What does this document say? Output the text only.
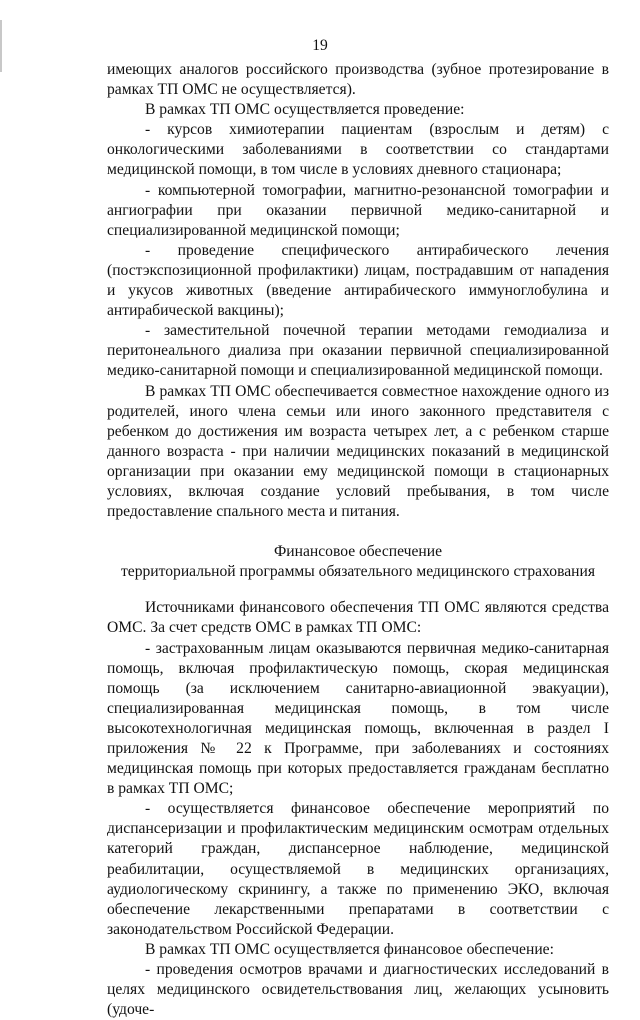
19

имеющих аналогов российского производства (зубное протезирование в рамках ТП ОМС не осуществляется).

В рамках ТП ОМС осуществляется проведение:

- курсов химиотерапии пациентам (взрослым и детям) с онкологическими заболеваниями в соответствии со стандартами медицинской помощи, в том числе в условиях дневного стационара;

- компьютерной томографии, магнитно-резонансной томографии и ангиографии при оказании первичной медико-санитарной и специализированной медицинской помощи;

- проведение специфического антирабического лечения (постэкспозиционной профилактики) лицам, пострадавшим от нападения и укусов животных (введение антирабического иммуноглобулина и антирабической вакцины);

- заместительной почечной терапии методами гемодиализа и перитонеального диализа при оказании первичной специализированной медико-санитарной помощи и специализированной медицинской помощи.

В рамках ТП ОМС обеспечивается совместное нахождение одного из родителей, иного члена семьи или иного законного представителя с ребенком до достижения им возраста четырех лет, а с ребенком старше данного возраста - при наличии медицинских показаний в медицинской организации при оказании ему медицинской помощи в стационарных условиях, включая создание условий пребывания, в том числе предоставление спального места и питания.

Финансовое обеспечение
территориальной программы обязательного медицинского страхования

Источниками финансового обеспечения ТП ОМС являются средства ОМС. За счет средств ОМС в рамках ТП ОМС:

- застрахованным лицам оказываются первичная медико-санитарная помощь, включая профилактическую помощь, скорая медицинская помощь (за исключением санитарно-авиационной эвакуации), специализированная медицинская помощь, в том числе высокотехнологичная медицинская помощь, включенная в раздел I приложения № 22 к Программе, при заболеваниях и состояниях медицинская помощь при которых предоставляется гражданам бесплатно в рамках ТП ОМС;

- осуществляется финансовое обеспечение мероприятий по диспансеризации и профилактическим медицинским осмотрам отдельных категорий граждан, диспансерное наблюдение, медицинской реабилитации, осуществляемой в медицинских организациях, аудиологическому скринингу, а также по применению ЭКО, включая обеспечение лекарственными препаратами в соответствии с законодательством Российской Федерации.

В рамках ТП ОМС осуществляется финансовое обеспечение:

- проведения осмотров врачами и диагностических исследований в целях медицинского освидетельствования лиц, желающих усыновить (удоче-
